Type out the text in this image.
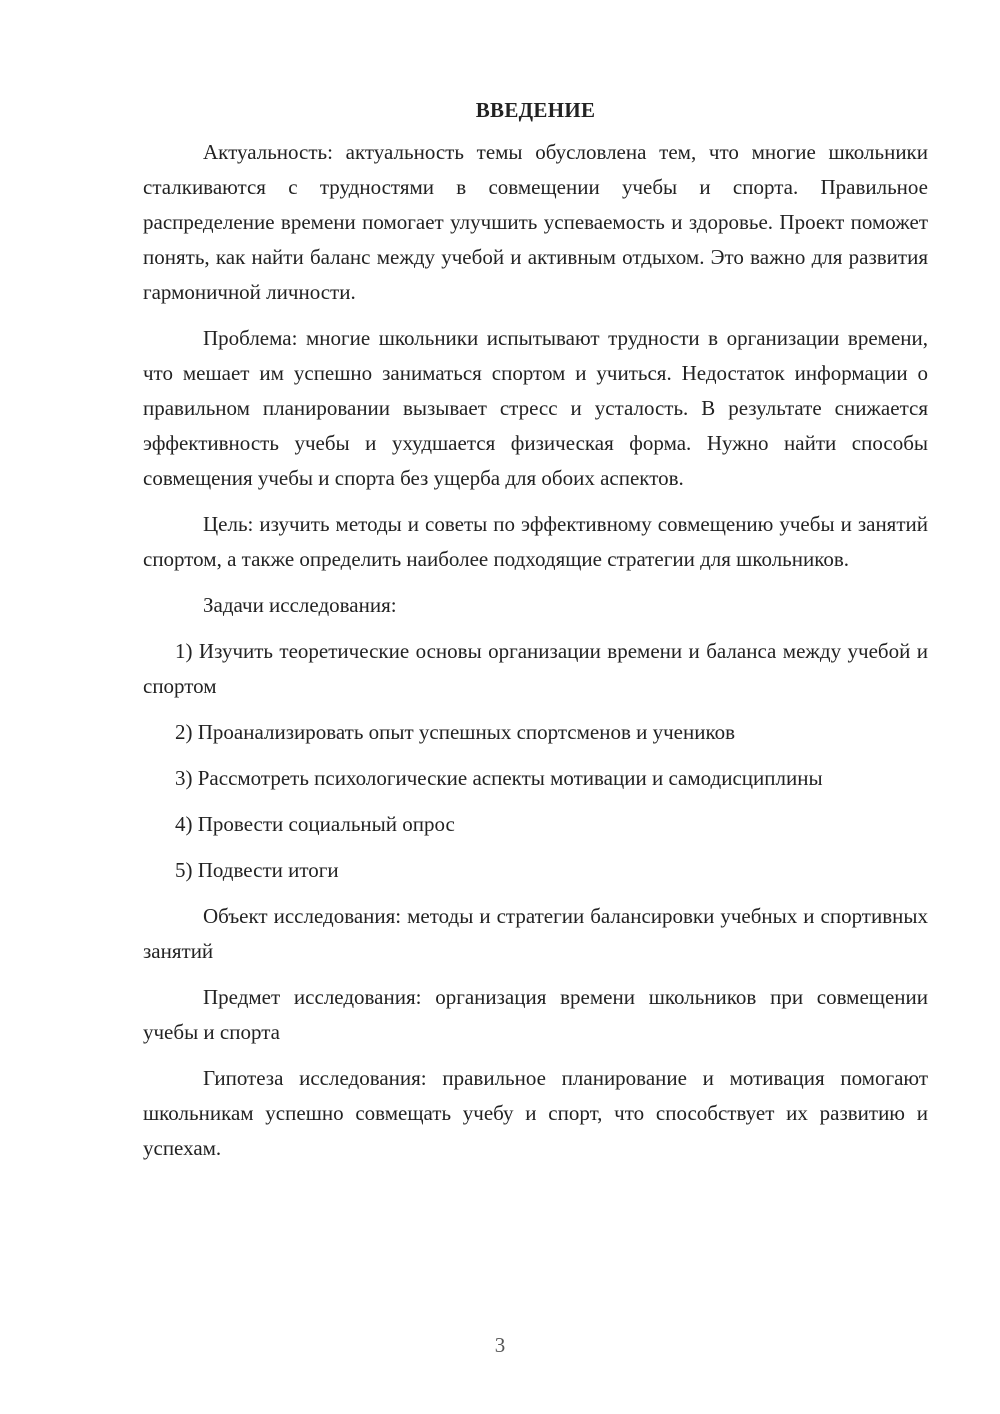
ВВЕДЕНИЕ

Актуальность: актуальность темы обусловлена тем, что многие школьники сталкиваются с трудностями в совмещении учебы и спорта. Правильное распределение времени помогает улучшить успеваемость и здоровье. Проект поможет понять, как найти баланс между учебой и активным отдыхом. Это важно для развития гармоничной личности.

Проблема: многие школьники испытывают трудности в организации времени, что мешает им успешно заниматься спортом и учиться. Недостаток информации о правильном планировании вызывает стресс и усталость. В результате снижается эффективность учебы и ухудшается физическая форма. Нужно найти способы совмещения учебы и спорта без ущерба для обоих аспектов.

Цель: изучить методы и советы по эффективному совмещению учебы и занятий спортом, а также определить наиболее подходящие стратегии для школьников.

Задачи исследования:

1) Изучить теоретические основы организации времени и баланса между учебой и спортом

2) Проанализировать опыт успешных спортсменов и учеников

3) Рассмотреть психологические аспекты мотивации и самодисциплины

4) Провести социальный опрос

5) Подвести итоги

Объект исследования: методы и стратегии балансировки учебных и спортивных занятий

Предмет исследования: организация времени школьников при совмещении учебы и спорта

Гипотеза исследования: правильное планирование и мотивация помогают школьникам успешно совмещать учебу и спорт, что способствует их развитию и успехам.

3
